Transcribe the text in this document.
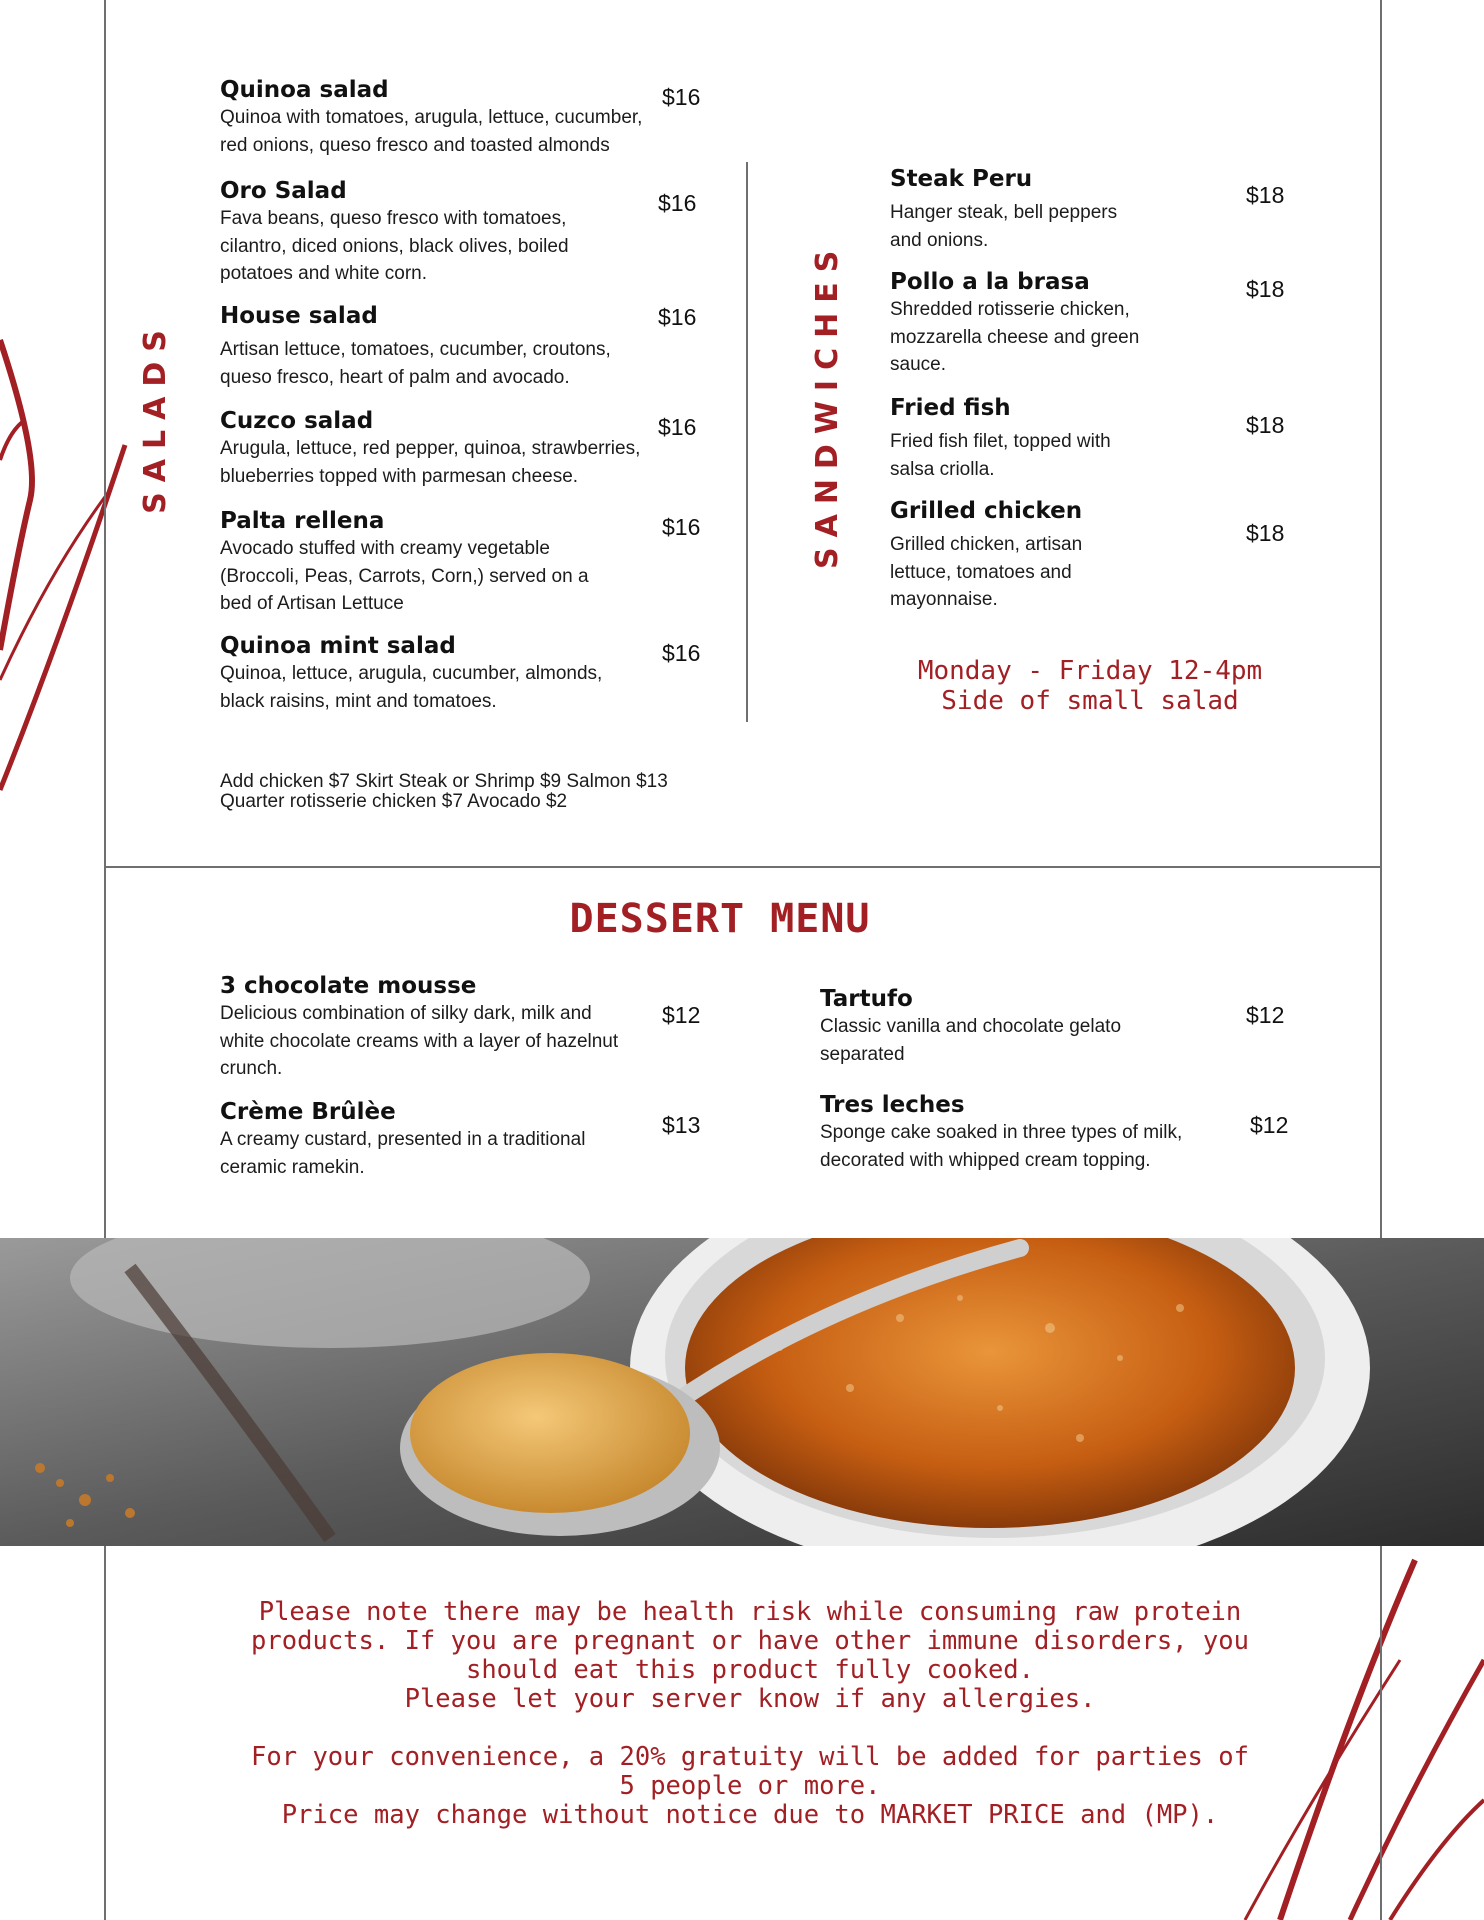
SALADS
Quinoa salad
Quinoa with tomatoes, arugula, lettuce, cucumber, red onions, queso fresco and toasted almonds
$16
Oro Salad
Fava beans, queso fresco with tomatoes, cilantro, diced onions, black olives, boiled potatoes and white corn.
$16
House salad
Artisan lettuce, tomatoes, cucumber, croutons, queso fresco, heart of palm and avocado.
$16
Cuzco salad
Arugula, lettuce, red pepper, quinoa, strawberries, blueberries topped with parmesan cheese.
$16
Palta rellena
Avocado stuffed with creamy vegetable (Broccoli, Peas, Carrots, Corn,) served on a bed of Artisan Lettuce
$16
Quinoa mint salad
Quinoa, lettuce, arugula, cucumber, almonds, black raisins, mint and tomatoes.
$16
Add chicken $7 Skirt Steak or Shrimp $9 Salmon $13
Quarter rotisserie chicken $7 Avocado $2
SANDWICHES
Steak Peru
Hanger steak, bell peppers and onions.
$18
Pollo a la brasa
Shredded rotisserie chicken, mozzarella cheese and green sauce.
$18
Fried fish
Fried fish filet, topped with salsa criolla.
$18
Grilled chicken
Grilled chicken, artisan lettuce, tomatoes and mayonnaise.
$18
Monday - Friday 12-4pm
Side of small salad
DESSERT MENU
3 chocolate mousse
Delicious combination of silky dark, milk and white chocolate creams with a layer of hazelnut crunch.
$12
Crème Brûlèe
A creamy custard, presented in a traditional ceramic ramekin.
$13
Tartufo
Classic vanilla and chocolate gelato separated
$12
Tres leches
Sponge cake soaked in three types of milk, decorated with whipped cream topping.
$12
Please note there may be health risk while consuming raw protein
products. If you are pregnant or have other immune disorders, you
should eat this product fully cooked.
Please let your server know if any allergies.
For your convenience, a 20% gratuity will be added for parties of
5 people or more.
Price may change without notice due to MARKET PRICE and (MP).
